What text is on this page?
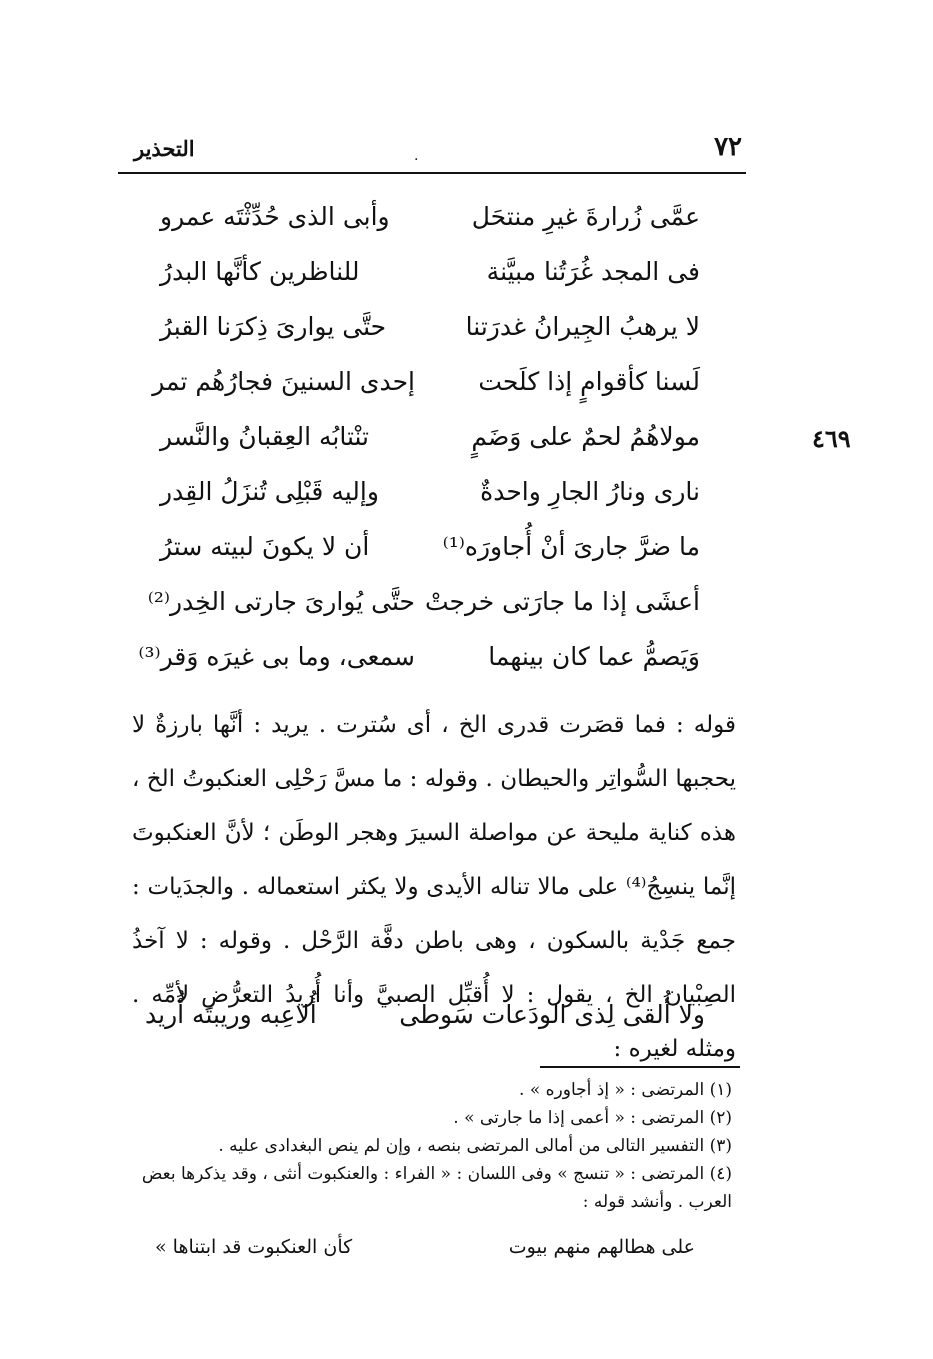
٧٢
.
التحذير
٤٦٩
عمَّى زُرارةَ غيرِ منتحَل
وأبى الذى حُدِّثْتَه عمرو
فى المجد غُرَتُنا مبيَّنة
للناظرين كأنَّها البدرُ
لا يرهبُ الجِيرانُ غدرَتنا
حتَّى يوارىَ ذِكرَنا القبرُ
لَسنا كأقوامٍ إذا كلَحت
إحدى السنينَ فجارُهُم تمر
مولاهُمُ لحمٌ على وَضَمٍ
تنْتابُه العِقبانُ والنَّسر
نارى ونارُ الجارِ واحدةٌ
وإليه قَبْلِى تُنزَلُ القِدر
ما ضرَّ جارىَ أنْ أُجاورَه⁽¹⁾
أن لا يكونَ لبيته سترُ
أعشَى إذا ما جارَتى خرجتْ
حتَّى يُوارىَ جارتى الخِدر⁽²⁾
وَيَصمُّ عما كان بينهما
سمعى، وما بى غيرَه وَقر⁽³⁾

قوله : فما قصَرت قدرى الخ ، أى سُترت . يريد : أنَّها بارزةٌ لا يحجبها السُّواتِر والحيطان . وقوله : ما مسَّ رَحْلِى العنكبوتُ الخ ، هذه كناية مليحة عن مواصلة السيرَ وهجر الوطَن ؛ لأنَّ العنكبوتَ إنَّما ينسِجُ⁽⁴⁾ على مالا تناله الأيدى ولا يكثر استعماله . والجدَيات : جمع جَدْية بالسكون ، وهى باطن دفَّة الرَّحْل . وقوله : لا آخذُ الصِبْيان الخ ، يقول : لا أُقبِّل الصبيَّ وأنا أُريدُ التعرُّض لأمِّه . ومثله لغيره :

ولا أُلقى لِذى الودَعات سَوطى
أُلاعِبه وريبتَه أُريد

(١) المرتضى : « إذ أجاوره » .

(٢) المرتضى : « أعمى إذا ما جارتى » .

(٣) التفسير التالى من أمالى المرتضى بنصه ، وإن لم ينص البغدادى عليه .

(٤) المرتضى : « تنسج » وفى اللسان : « الفراء : والعنكبوت أنثى ، وقد يذكرها بعض العرب . وأنشد قوله :

على هطالهم منهم بيوت
كأن العنكبوت قد ابتناها »
